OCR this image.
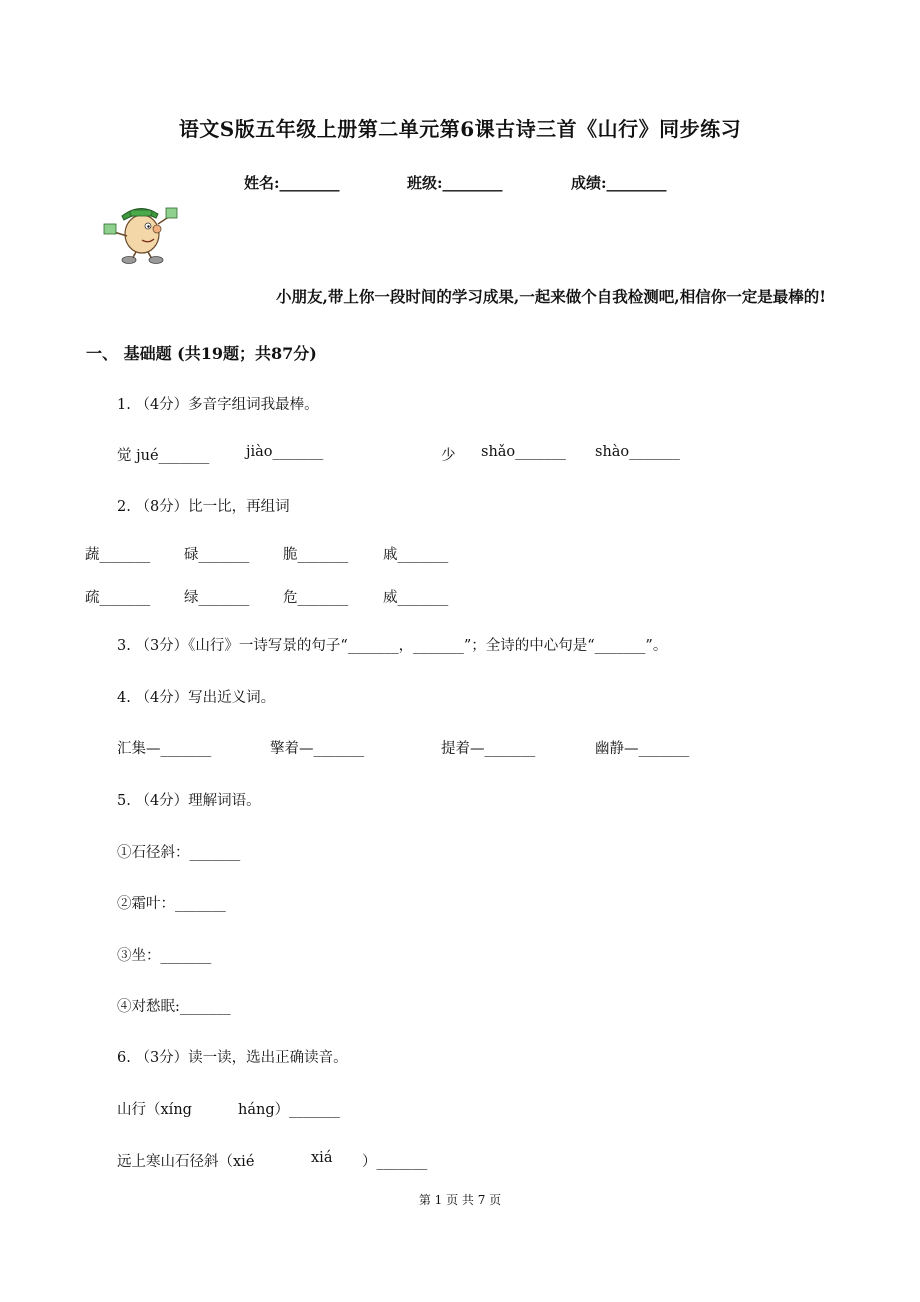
语文S版五年级上册第二单元第6课古诗三首《山行》同步练习
姓名:________	班级:________	成绩:________
小朋友,带上你一段时间的学习成果,一起来做个自我检测吧,相信你一定是最棒的!
一、 基础题 (共19题；共87分)
1. （4分）多音字组词我最棒。
觉 jué_______	jiào_______	少 shǎo_______ shào_______
2. （8分）比一比，再组词
蔬_______ 碌_______ 脆_______ 戚_______
疏_______ 绿_______ 危_______ 威_______
3. （3分）《山行》一诗写景的句子“_______，_______”；全诗的中心句是“_______”。
4. （4分）写出近义词。
汇集—_______	擎着—_______	提着—_______	幽静—_______
5. （4分）理解词语。
①石径斜：_______
②霜叶：_______
③坐：_______
④对愁眠:_______
6. （3分）读一读，选出正确读音。
山行（xíng	háng）_______
远上寒山石径斜（xié	xiá ）_______
第 1 页 共 7 页
